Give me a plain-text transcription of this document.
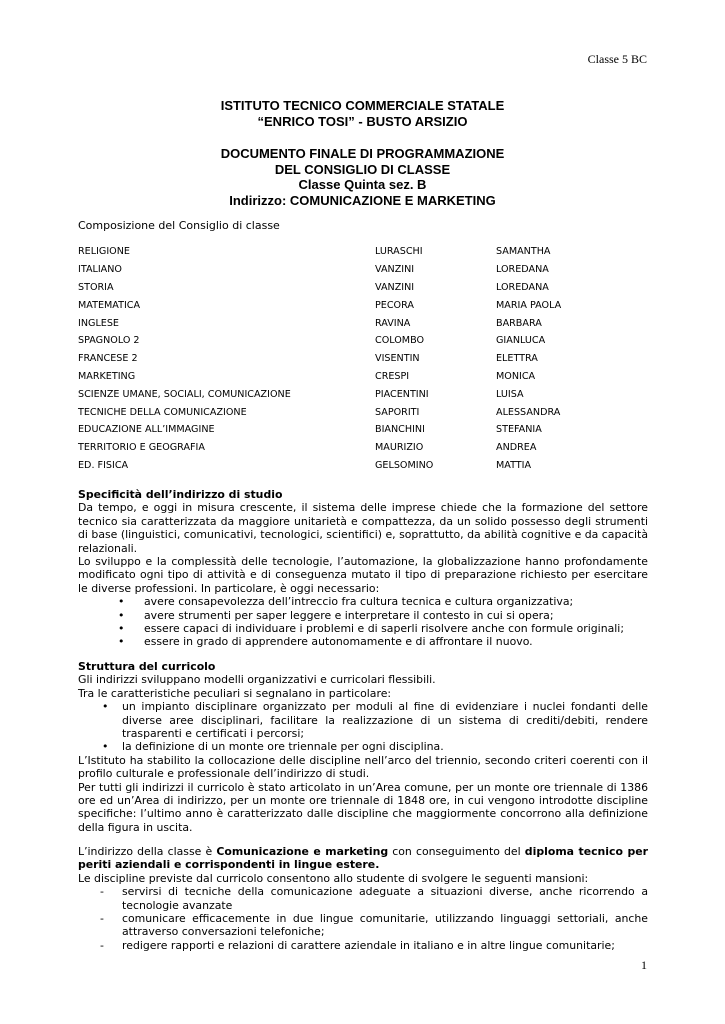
Classe 5 BC
ISTITUTO TECNICO COMMERCIALE STATALE
“ENRICO TOSI” - BUSTO ARSIZIO
DOCUMENTO FINALE DI PROGRAMMAZIONE
DEL CONSIGLIO DI CLASSE
Classe Quinta sez. B
Indirizzo: COMUNICAZIONE E MARKETING
Composizione del Consiglio di classe
RELIGIONE	LURASCHI	SAMANTHA
ITALIANO	VANZINI	LOREDANA
STORIA	VANZINI	LOREDANA
MATEMATICA	PECORA	MARIA PAOLA
INGLESE	RAVINA	BARBARA
SPAGNOLO 2	COLOMBO	GIANLUCA
FRANCESE 2	VISENTIN	ELETTRA
MARKETING	CRESPI	MONICA
SCIENZE UMANE, SOCIALI, COMUNICAZIONE	PIACENTINI	LUISA
TECNICHE DELLA COMUNICAZIONE	SAPORITI	ALESSANDRA
EDUCAZIONE ALL’IMMAGINE	BIANCHINI	STEFANIA
TERRITORIO E GEOGRAFIA	MAURIZIO	ANDREA
ED. FISICA	GELSOMINO	MATTIA
Specificità dell’indirizzo di studio

Da tempo, e oggi in misura crescente, il sistema delle imprese chiede che la formazione del settore tecnico sia caratterizzata da maggiore unitarietà e compattezza, da un solido possesso degli strumenti di base (linguistici, comunicativi, tecnologici, scientifici) e, soprattutto, da abilità cognitive e da capacità relazionali.

Lo sviluppo e la complessità delle tecnologie, l’automazione, la globalizzazione hanno profondamente modificato ogni tipo di attività e di conseguenza mutato il tipo di preparazione richiesto per esercitare le diverse professioni. In particolare, è oggi necessario:

• avere consapevolezza dell’intreccio fra cultura tecnica e cultura organizzativa;
• avere strumenti per saper leggere e interpretare il contesto in cui si opera;
• essere capaci di individuare i problemi e di saperli risolvere anche con formule originali;
• essere in grado di apprendere autonomamente e di affrontare il nuovo.
Struttura del curricolo

Gli indirizzi sviluppano modelli organizzativi e curricolari flessibili.

Tra le caratteristiche peculiari si segnalano in particolare:

• un impianto disciplinare organizzato per moduli al fine di evidenziare i nuclei fondanti delle diverse aree disciplinari, facilitare la realizzazione di un sistema di crediti/debiti, rendere trasparenti e certificati i percorsi;
• la definizione di un monte ore triennale per ogni disciplina.

L’Istituto ha stabilito la collocazione delle discipline nell’arco del triennio, secondo criteri coerenti con il profilo culturale e professionale dell’indirizzo di studi.

Per tutti gli indirizzi il curricolo è stato articolato in un’Area comune, per un monte ore triennale di 1386 ore ed un’Area di indirizzo, per un monte ore triennale di 1848 ore, in cui vengono introdotte discipline specifiche: l’ultimo anno è caratterizzato dalle discipline che maggiormente concorrono alla definizione della figura in uscita.

L’indirizzo della classe è Comunicazione e marketing con conseguimento del diploma tecnico per periti aziendali e corrispondenti in lingue estere.

Le discipline previste dal curricolo consentono allo studente di svolgere le seguenti mansioni:

- servirsi di tecniche della comunicazione adeguate a situazioni diverse, anche ricorrendo a tecnologie avanzate
- comunicare efficacemente in due lingue comunitarie, utilizzando linguaggi settoriali, anche attraverso conversazioni telefoniche;
- redigere rapporti e relazioni di carattere aziendale in italiano e in altre lingue comunitarie;
1
